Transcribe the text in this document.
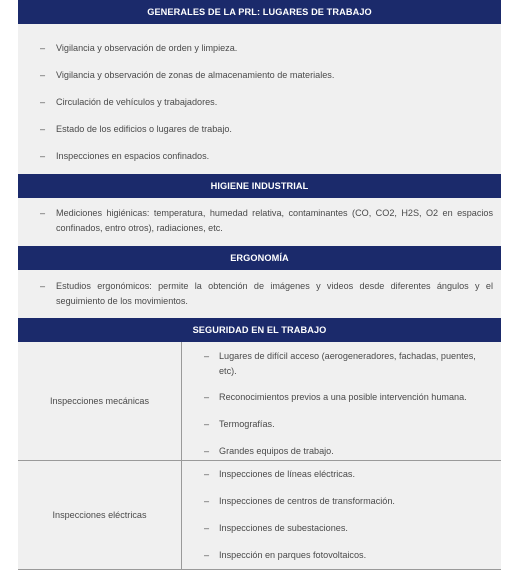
GENERALES DE LA PRL: LUGARES DE TRABAJO
– Vigilancia y observación de orden y limpieza.
– Vigilancia y observación de zonas de almacenamiento de materiales.
– Circulación de vehículos y trabajadores.
– Estado de los edificios o lugares de trabajo.
– Inspecciones en espacios confinados.
HIGIENE INDUSTRIAL
– Mediciones higiénicas: temperatura, humedad relativa, contaminantes (CO, CO2, H2S, O2 en espacios confinados, entro otros), radiaciones, etc.
ERGONOMÍA
– Estudios ergonómicos: permite la obtención de imágenes y videos desde diferentes ángulos y el seguimiento de los movimientos.
SEGURIDAD EN EL TRABAJO
Inspecciones mecánicas
– Lugares de difícil acceso (aerogeneradores, fachadas, puentes, etc).
– Reconocimientos previos a una posible intervención humana.
– Termografías.
– Grandes equipos de trabajo.
Inspecciones eléctricas
– Inspecciones de líneas eléctricas.
– Inspecciones de centros de transformación.
– Inspecciones de subestaciones.
– Inspección en parques fotovoltaicos.
